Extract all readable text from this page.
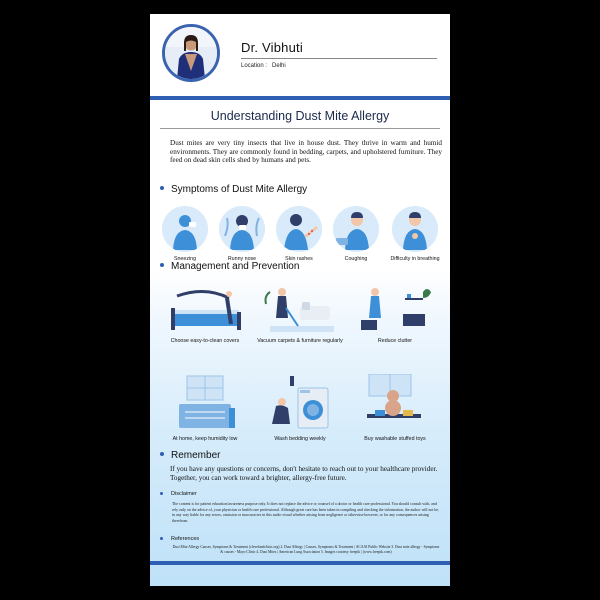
Dr. Vibhuti
Location : Delhi
Understanding Dust Mite Allergy

Dust mites are very tiny insects that live in house dust. They thrive in warm and humid environments. They are commonly found in bedding, carpets, and upholstered furniture. They feed on dead skin cells shed by humans and pets.

Symptoms of Dust Mite Allergy
Sneezing	Runny nose	Skin rashes	Coughing	Difficulty in breathing
Management and Prevention
Choose easy-to-clean covers	Vacuum carpets & furniture regularly	Reduce clutter
At home, keep humidity low	Wash bedding weekly	Buy washable stuffed toys
Remember

If you have any questions or concerns, don't hesitate to reach out to your healthcare provider. Together, you can work toward a brighter, allergy-free future.

Disclaimer

The content is for patient education/awareness purpose only. It does not replace the advice or counsel of a doctor or health care professional. You should consult with, and rely only on the advice of, your physician or health care professional. Although great care has been taken in compiling and checking the information, the author will not be, in any way liable for any errors, omission or inaccuracies in this audio visual whether arising from negligence or otherwise however, or for any consequences arising therefrom.

References

Dust Mite Allergy Causes, Symptoms & Treatment (clevelandclinic.org) 2. Dust Allergy | Causes, Symptoms & Treatment | ACAAI Public Website 3. Dust mite allergy - Symptoms & causes - Mayo Clinic 4. Dust Mites | American Lung Association 5. Images courtesy freepik | (www.freepik.com)
